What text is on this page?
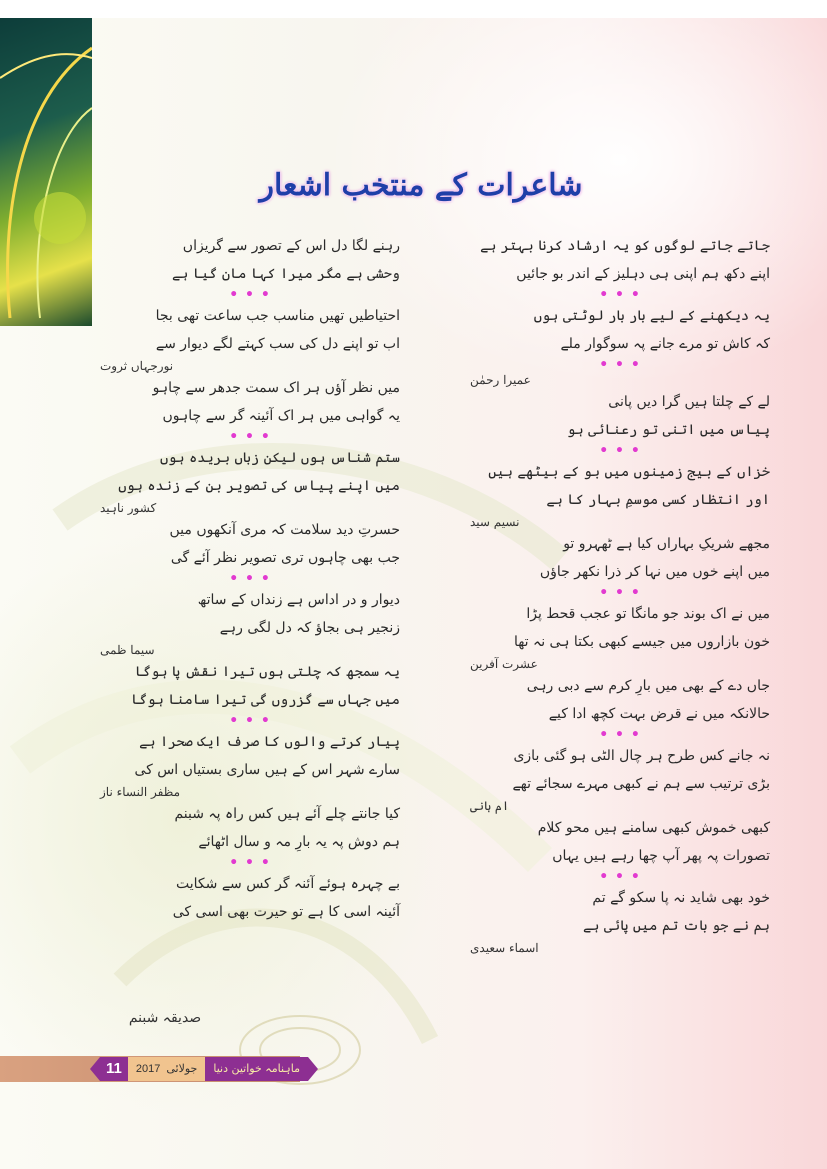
شاعرات کے منتخب اشعار
جاتے جاتے لوگوں کو یہ ارشاد کرنا بہتر ہے
اپنے دکھ ہم اپنی ہی دہلیز کے اندر بو جائیں
• • •
یہ دیکھنے کے لیے بار بار لوٹتی ہوں
کہ کاش تو مرے جانے پہ سوگوار ملے
• • •
عمیرا رحمٰن
لے کے چلتا ہیں گرا دیں پانی
پیاس میں اتنی تو رعنائی ہو
• • •
خزاں کے بیج زمینوں میں بو کے بیٹھے ہیں
اور انتظار کسی موسمِ بہار کا ہے
نسیم سید
مجھے شریکِ بہاراں کیا ہے ٹھہرو تو
میں اپنے خوں میں نہا کر ذرا نکھر جاؤں
• • •
میں نے اک بوند جو مانگا تو عجب قحط پڑا
خون بازاروں میں جیسے کبھی بکتا ہی نہ تھا
عشرت آفرین
جاں دے کے بھی میں بارِ کرم سے دبی رہی
حالانکہ میں نے قرض بہت کچھ ادا کیے
• • •
نہ جانے کس طرح ہر چال الٹی ہو گئی بازی
بڑی ترتیب سے ہم نے کبھی مہرے سجائے تھے
ام ہانی
کبھی خموش کبھی سامنے ہیں محو کلام
تصورات پہ پھر آپ چھا رہے ہیں یہاں
• • •
خود بھی شاید نہ پا سکو گے تم
ہم نے جو بات تم میں پائی ہے
اسماء سعیدی
رہنے لگا دل اس کے تصور سے گریزاں
وحشی ہے مگر میرا کہا مان گیا ہے
• • •
احتیاطیں تھیں مناسب جب ساعت تھی بجا
اب تو اپنے دل کی سب کہتے لگے دیوار سے
نورجہاں ثروت
میں نظر آؤں ہر اک سمت جدھر سے چاہو
یہ گواہی میں ہر اک آئینہ گر سے چاہوں
• • •
ستم شناس ہوں لیکن زباں بریدہ ہوں
میں اپنے پیاس کی تصویر بن کے زندہ ہوں
کشور ناہید
حسرتِ دید سلامت کہ مری آنکھوں میں
جب بھی چاہوں تری تصویر نظر آئے گی
• • •
دیوار و در اداس ہے زنداں کے ساتھ
زنجیر ہی بجاؤ کہ دل لگی رہے
سیما ظمی
یہ سمجھ کہ چلتی ہوں تیرا نقش پا ہوگا
میں جہاں سے گزروں گی تیرا سامنا ہوگا
• • •
پیار کرتے والوں کا صرف ایک صحرا ہے
سارے شہر اس کے ہیں ساری بستیاں اس کی
مظفر النساء ناز
کیا جانتے چلے آئے ہیں کس راہ پہ شبنم
ہم دوش پہ یہ بارِ مہ و سال اٹھائے
• • •
بے چہرہ ہوئے آئنہ گر کس سے شکایت
آئینہ اسی کا ہے تو حیرت بھی اسی کی
صدیقہ شبنم
11	2017 جولائی	ماہنامہ خواتین دنیا
